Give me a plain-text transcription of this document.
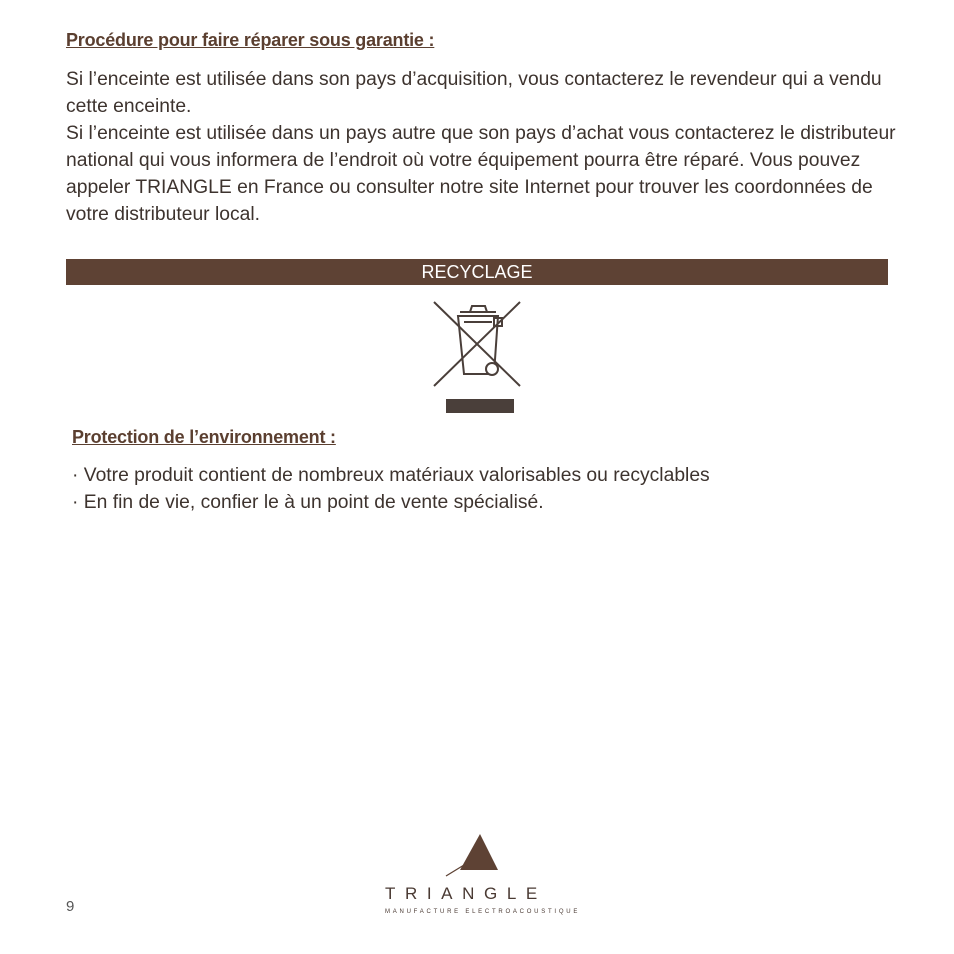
Procédure pour faire réparer sous garantie :

Si l’enceinte est utilisée dans son pays d’acquisition, vous contacterez le revendeur qui a vendu cette enceinte.

Si l’enceinte est utilisée dans un pays autre que son pays d’achat vous contacterez le distributeur national qui vous informera de l’endroit où votre équipement pourra être réparé. Vous pouvez appeler TRIANGLE en France ou consulter notre site Internet pour trouver les coordonnées de votre distributeur local.

RECYCLAGE
Protection de l’environnement :
· Votre produit contient de nombreux matériaux valorisables ou recyclables
· En fin de vie, confier le à un point de vente spécialisé.
9
TRIANGLE
MANUFACTURE ELECTROACOUSTIQUE
